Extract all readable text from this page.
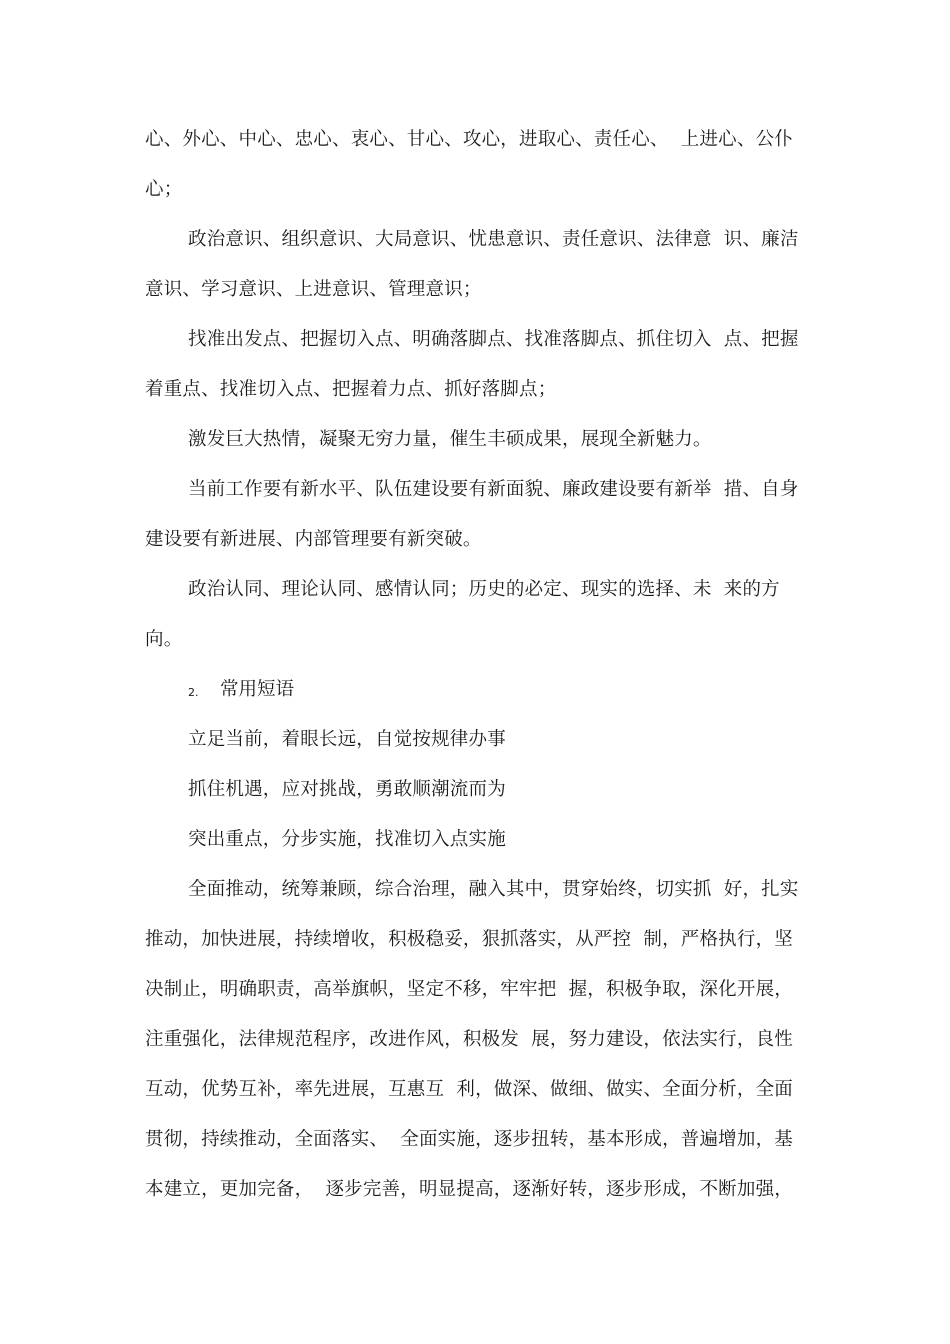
心、外心、中心、忠心、衷心、甘心、攻心，进取心、责任心、  上进心、公仆
心；
政治意识、组织意识、大局意识、忧患意识、责任意识、法律意  识、廉洁
意识、学习意识、上进意识、管理意识；
找准出发点、把握切入点、明确落脚点、找准落脚点、抓住切入  点、把握
着重点、找准切入点、把握着力点、抓好落脚点；
激发巨大热情，凝聚无穷力量，催生丰硕成果，展现全新魅力。
当前工作要有新水平、队伍建设要有新面貌、廉政建设要有新举  措、自身
建设要有新进展、内部管理要有新突破。
政治认同、理论认同、感情认同；历史的必定、现实的选择、未  来的方
向。
2. 常用短语
立足当前，着眼长远，自觉按规律办事
抓住机遇，应对挑战，勇敢顺潮流而为
突出重点，分步实施，找准切入点实施
全面推动，统筹兼顾，综合治理，融入其中，贯穿始终，切实抓  好，扎实
推动，加快进展，持续增收，积极稳妥，狠抓落实，从严控  制，严格执行，坚
决制止，明确职责，高举旗帜，坚定不移，牢牢把  握，积极争取，深化开展，
注重强化，法律规范程序，改进作风，积极发  展，努力建设，依法实行，良性
互动，优势互补，率先进展，互惠互  利，做深、做细、做实、全面分析，全面
贯彻，持续推动，全面落实、  全面实施，逐步扭转，基本形成，普遍增加，基
本建立，更加完备，  逐步完善，明显提高，逐渐好转，逐步形成，不断加强，
